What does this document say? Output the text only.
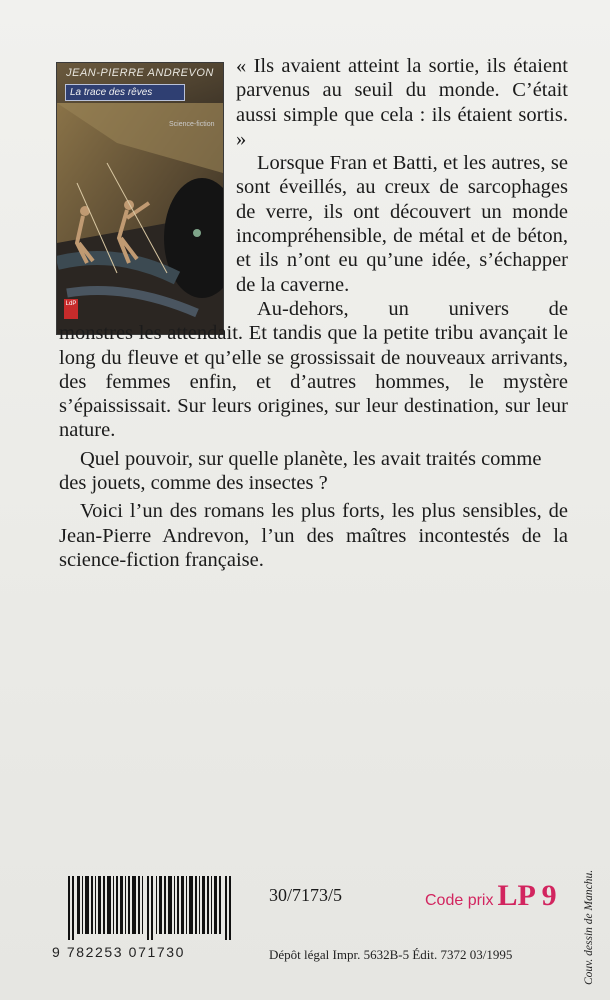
JEAN-PIERRE ANDREVON
La trace des rêves
Science-fiction
LdP

« Ils avaient atteint la sortie, ils étaient parvenus au seuil du monde. C’était aussi simple que cela : ils étaient sortis. »

Lorsque Fran et Batti, et les autres, se sont éveillés, au creux de sarcophages de verre, ils ont découvert un monde incompréhensible, de métal et de béton, et ils n’ont eu qu’une idée, s’échapper de la caverne.

Au-dehors, un univers de

monstres les attendait. Et tandis que la petite tribu avançait le long du fleuve et qu’elle se grossissait de nouveaux arrivants, des femmes enfin, et d’autres hommes, le mystère s’épaississait. Sur leurs origines, sur leur destination, sur leur nature.

Quel pouvoir, sur quelle planète, les avait traités comme des jouets, comme des insectes ?

Voici l’un des romans les plus forts, les plus sensibles, de Jean-Pierre Andrevon, l’un des maîtres incontestés de la science-fiction française.

9 782253 071730
30/7173/5	Code prix LP 9
Dépôt légal Impr. 5632B-5 Édit. 7372 03/1995	Couv. dessin de Manchu.
